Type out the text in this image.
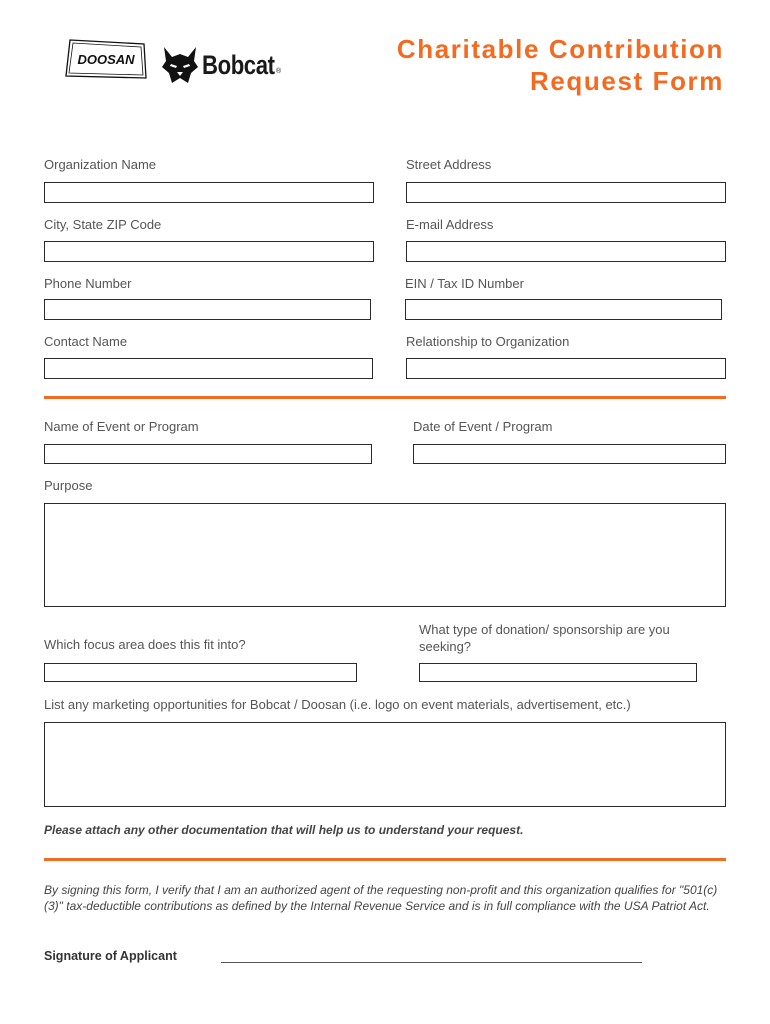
DOOSAN Bobcat ®
Charitable Contribution
Request Form
Organization Name	Street Address
City, State ZIP Code	E-mail Address
Phone Number	EIN / Tax ID Number
Contact Name	Relationship to Organization
Name of Event or Program	Date of Event / Program
Purpose
Which focus area does this fit into?
What type of donation/ sponsorship are you
seeking?
List any marketing opportunities for Bobcat / Doosan (i.e. logo on event materials, advertisement, etc.)
Please attach any other documentation that will help us to understand your request.
By signing this form, I verify that I am an authorized agent of the requesting non-profit and this organization qualifies for "501(c)(3)" tax-deductible contributions as defined by the Internal Revenue Service and is in full compliance with the USA Patriot Act.
Signature of Applicant
